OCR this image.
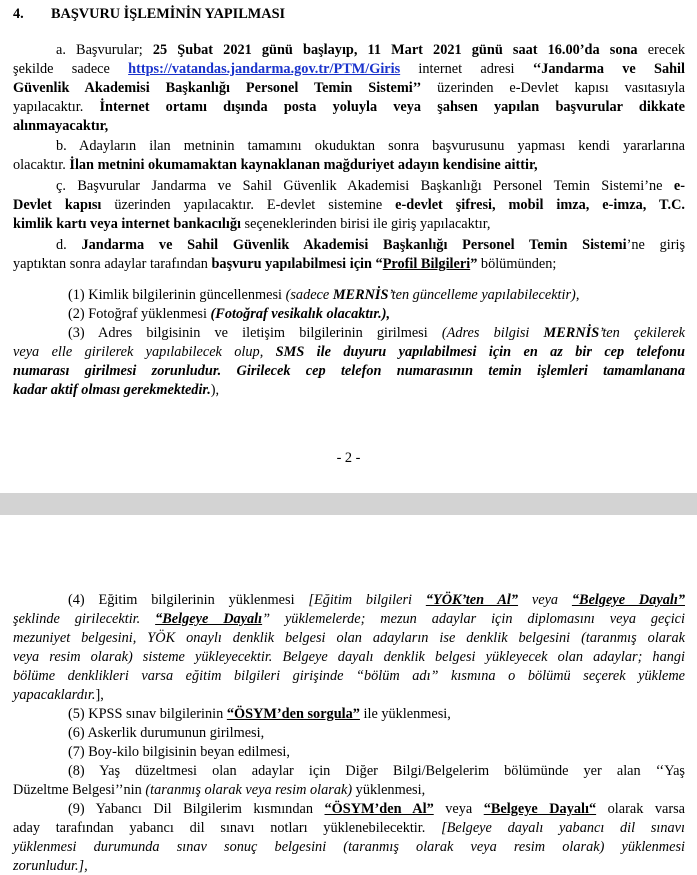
4. BAŞVURU İŞLEMİNİN YAPILMASI
a. Başvurular; 25 Şubat 2021 günü başlayıp, 11 Mart 2021 günü saat 16.00’da sona erecek
şekilde sadece https://vatandas.jandarma.gov.tr/PTM/Giris internet adresi ‘‘Jandarma ve Sahil
Güvenlik Akademisi Başkanlığı Personel Temin Sistemi’’ üzerinden e-Devlet kapısı vasıtasıyla
yapılacaktır. İnternet ortamı dışında posta yoluyla veya şahsen yapılan başvurular dikkate
alınmayacaktır,
b. Adayların ilan metninin tamamını okuduktan sonra başvurusunu yapması kendi yararlarına
olacaktır. İlan metnini okumamaktan kaynaklanan mağduriyet adayın kendisine aittir,
ç. Başvurular Jandarma ve Sahil Güvenlik Akademisi Başkanlığı Personel Temin Sistemi’ne e-
Devlet kapısı üzerinden yapılacaktır. E-devlet sistemine e-devlet şifresi, mobil imza, e-imza, T.C.
kimlik kartı veya internet bankacılığı seçeneklerinden birisi ile giriş yapılacaktır,
d. Jandarma ve Sahil Güvenlik Akademisi Başkanlığı Personel Temin Sistemi’ne giriş
yaptıktan sonra adaylar tarafından başvuru yapılabilmesi için “Profil Bilgileri” bölümünden;
(1) Kimlik bilgilerinin güncellenmesi (sadece MERNİS’ten güncelleme yapılabilecektir),
(2) Fotoğraf yüklenmesi (Fotoğraf vesikalık olacaktır.),
(3) Adres bilgisinin ve iletişim bilgilerinin girilmesi (Adres bilgisi MERNİS’ten çekilerek
veya elle girilerek yapılabilecek olup, SMS ile duyuru yapılabilmesi için en az bir cep telefonu
numarası girilmesi zorunludur. Girilecek cep telefon numarasının temin işlemleri tamamlanana
kadar aktif olması gerekmektedir.),
- 2 -
(4) Eğitim bilgilerinin yüklenmesi [Eğitim bilgileri “YÖK’ten Al” veya “Belgeye Dayalı”
şeklinde girilecektir. “Belgeye Dayalı” yüklemelerde; mezun adaylar için diplomasını veya geçici
mezuniyet belgesini, YÖK onaylı denklik belgesi olan adayların ise denklik belgesini (taranmış olarak
veya resim olarak) sisteme yükleyecektir. Belgeye dayalı denklik belgesi yükleyecek olan adaylar; hangi
bölüme denklikleri varsa eğitim bilgileri girişinde “bölüm adı” kısmına o bölümü seçerek yükleme
yapacaklardır.],
(5) KPSS sınav bilgilerinin “ÖSYM’den sorgula” ile yüklenmesi,
(6) Askerlik durumunun girilmesi,
(7) Boy-kilo bilgisinin beyan edilmesi,
(8) Yaş düzeltmesi olan adaylar için Diğer Bilgi/Belgelerim bölümünde yer alan ‘‘Yaş
Düzeltme Belgesi’’nin (taranmış olarak veya resim olarak) yüklenmesi,
(9) Yabancı Dil Bilgilerim kısmından “ÖSYM’den Al” veya “Belgeye Dayalı“ olarak varsa
aday tarafından yabancı dil sınavı notları yüklenebilecektir. [Belgeye dayalı yabancı dil sınavı
yüklenmesi durumunda sınav sonuç belgesini (taranmış olarak veya resim olarak) yüklenmesi
zorunludur.],
